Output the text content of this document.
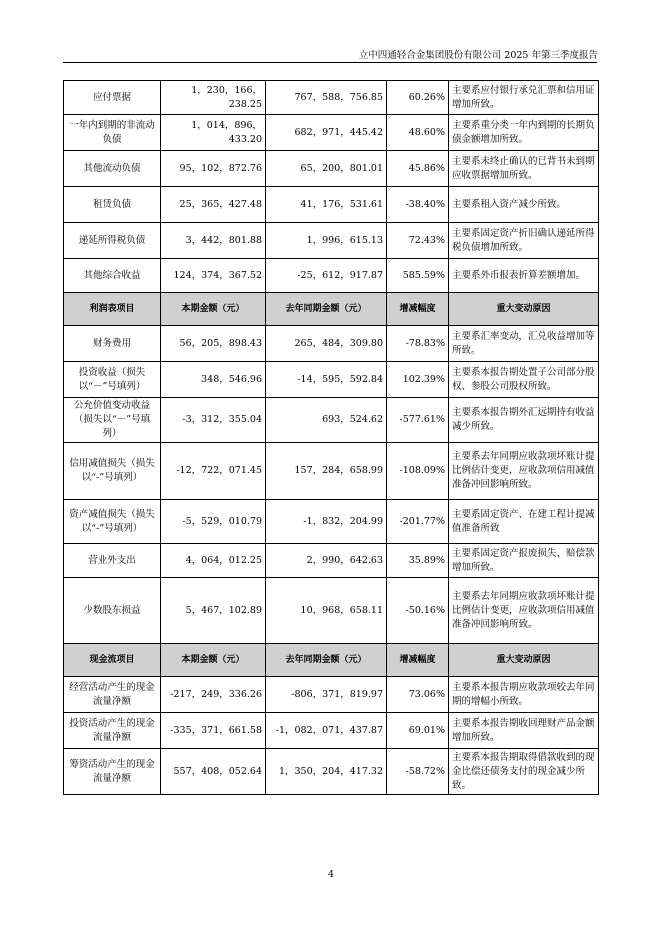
立中四通轻合金集团股份有限公司 2025 年第三季度报告
应付票据	1，230，166，238.25	767，588，756.85	60.26%	主要系应付银行承兑汇票和信用证增加所致。
一年内到期的非流动负债	1，014，896，433.20	682，971，445.42	48.60%	主要系重分类一年内到期的长期负债金额增加所致。
其他流动负债	95，102，872.76	65，200，801.01	45.86%	主要系未终止确认的已背书未到期应收票据增加所致。
租赁负债	25，365，427.48	41，176，531.61	-38.40%	主要系租入资产减少所致。
递延所得税负债	3，442，801.88	1，996，615.13	72.43%	主要系固定资产折旧确认递延所得税负债增加所致。
其他综合收益	124，374，367.52	-25，612，917.87	585.59%	主要系外币报表折算差额增加。
利润表项目	本期金额（元）	去年同期金额（元）	增减幅度	重大变动原因
财务费用	56，205，898.43	265，484，309.80	-78.83%	主要系汇率变动，汇兑收益增加等所致。
投资收益（损失以“－”号填列）	348，546.96	-14，595，592.84	102.39%	主要系本报告期处置子公司部分股权、参股公司股权所致。
公允价值变动收益（损失以“－”号填列）	-3，312，355.04	693，524.62	-577.61%	主要系本报告期外汇远期持有收益减少所致。
信用减值损失（损失以“-”号填列）	-12，722，071.45	157，284，658.99	-108.09%	主要系去年同期应收款项坏账计提比例估计变更，应收款项信用减值准备冲回影响所致。
资产减值损失（损失以“-”号填列）	-5，529，010.79	-1，832，204.99	-201.77%	主要系固定资产、在建工程计提减值准备所致
营业外支出	4，064，012.25	2，990，642.63	35.89%	主要系固定资产报废损失、赔偿款增加所致。
少数股东损益	5，467，102.89	10，968，658.11	-50.16%	主要系去年同期应收款项坏账计提比例估计变更，应收款项信用减值准备冲回影响所致。
现金流项目	本期金额（元）	去年同期金额（元）	增减幅度	重大变动原因
经营活动产生的现金流量净额	-217，249，336.26	-806，371，819.97	73.06%	主要系本报告期应收款项较去年同期的增幅小所致。
投资活动产生的现金流量净额	-335，371，661.58	-1，082，071，437.87	69.01%	主要系本报告期收回理财产品金额增加所致。
筹资活动产生的现金流量净额	557，408，052.64	1，350，204，417.32	-58.72%	主要系本报告期取得借款收到的现金比偿还债务支付的现金减少所致。
4
